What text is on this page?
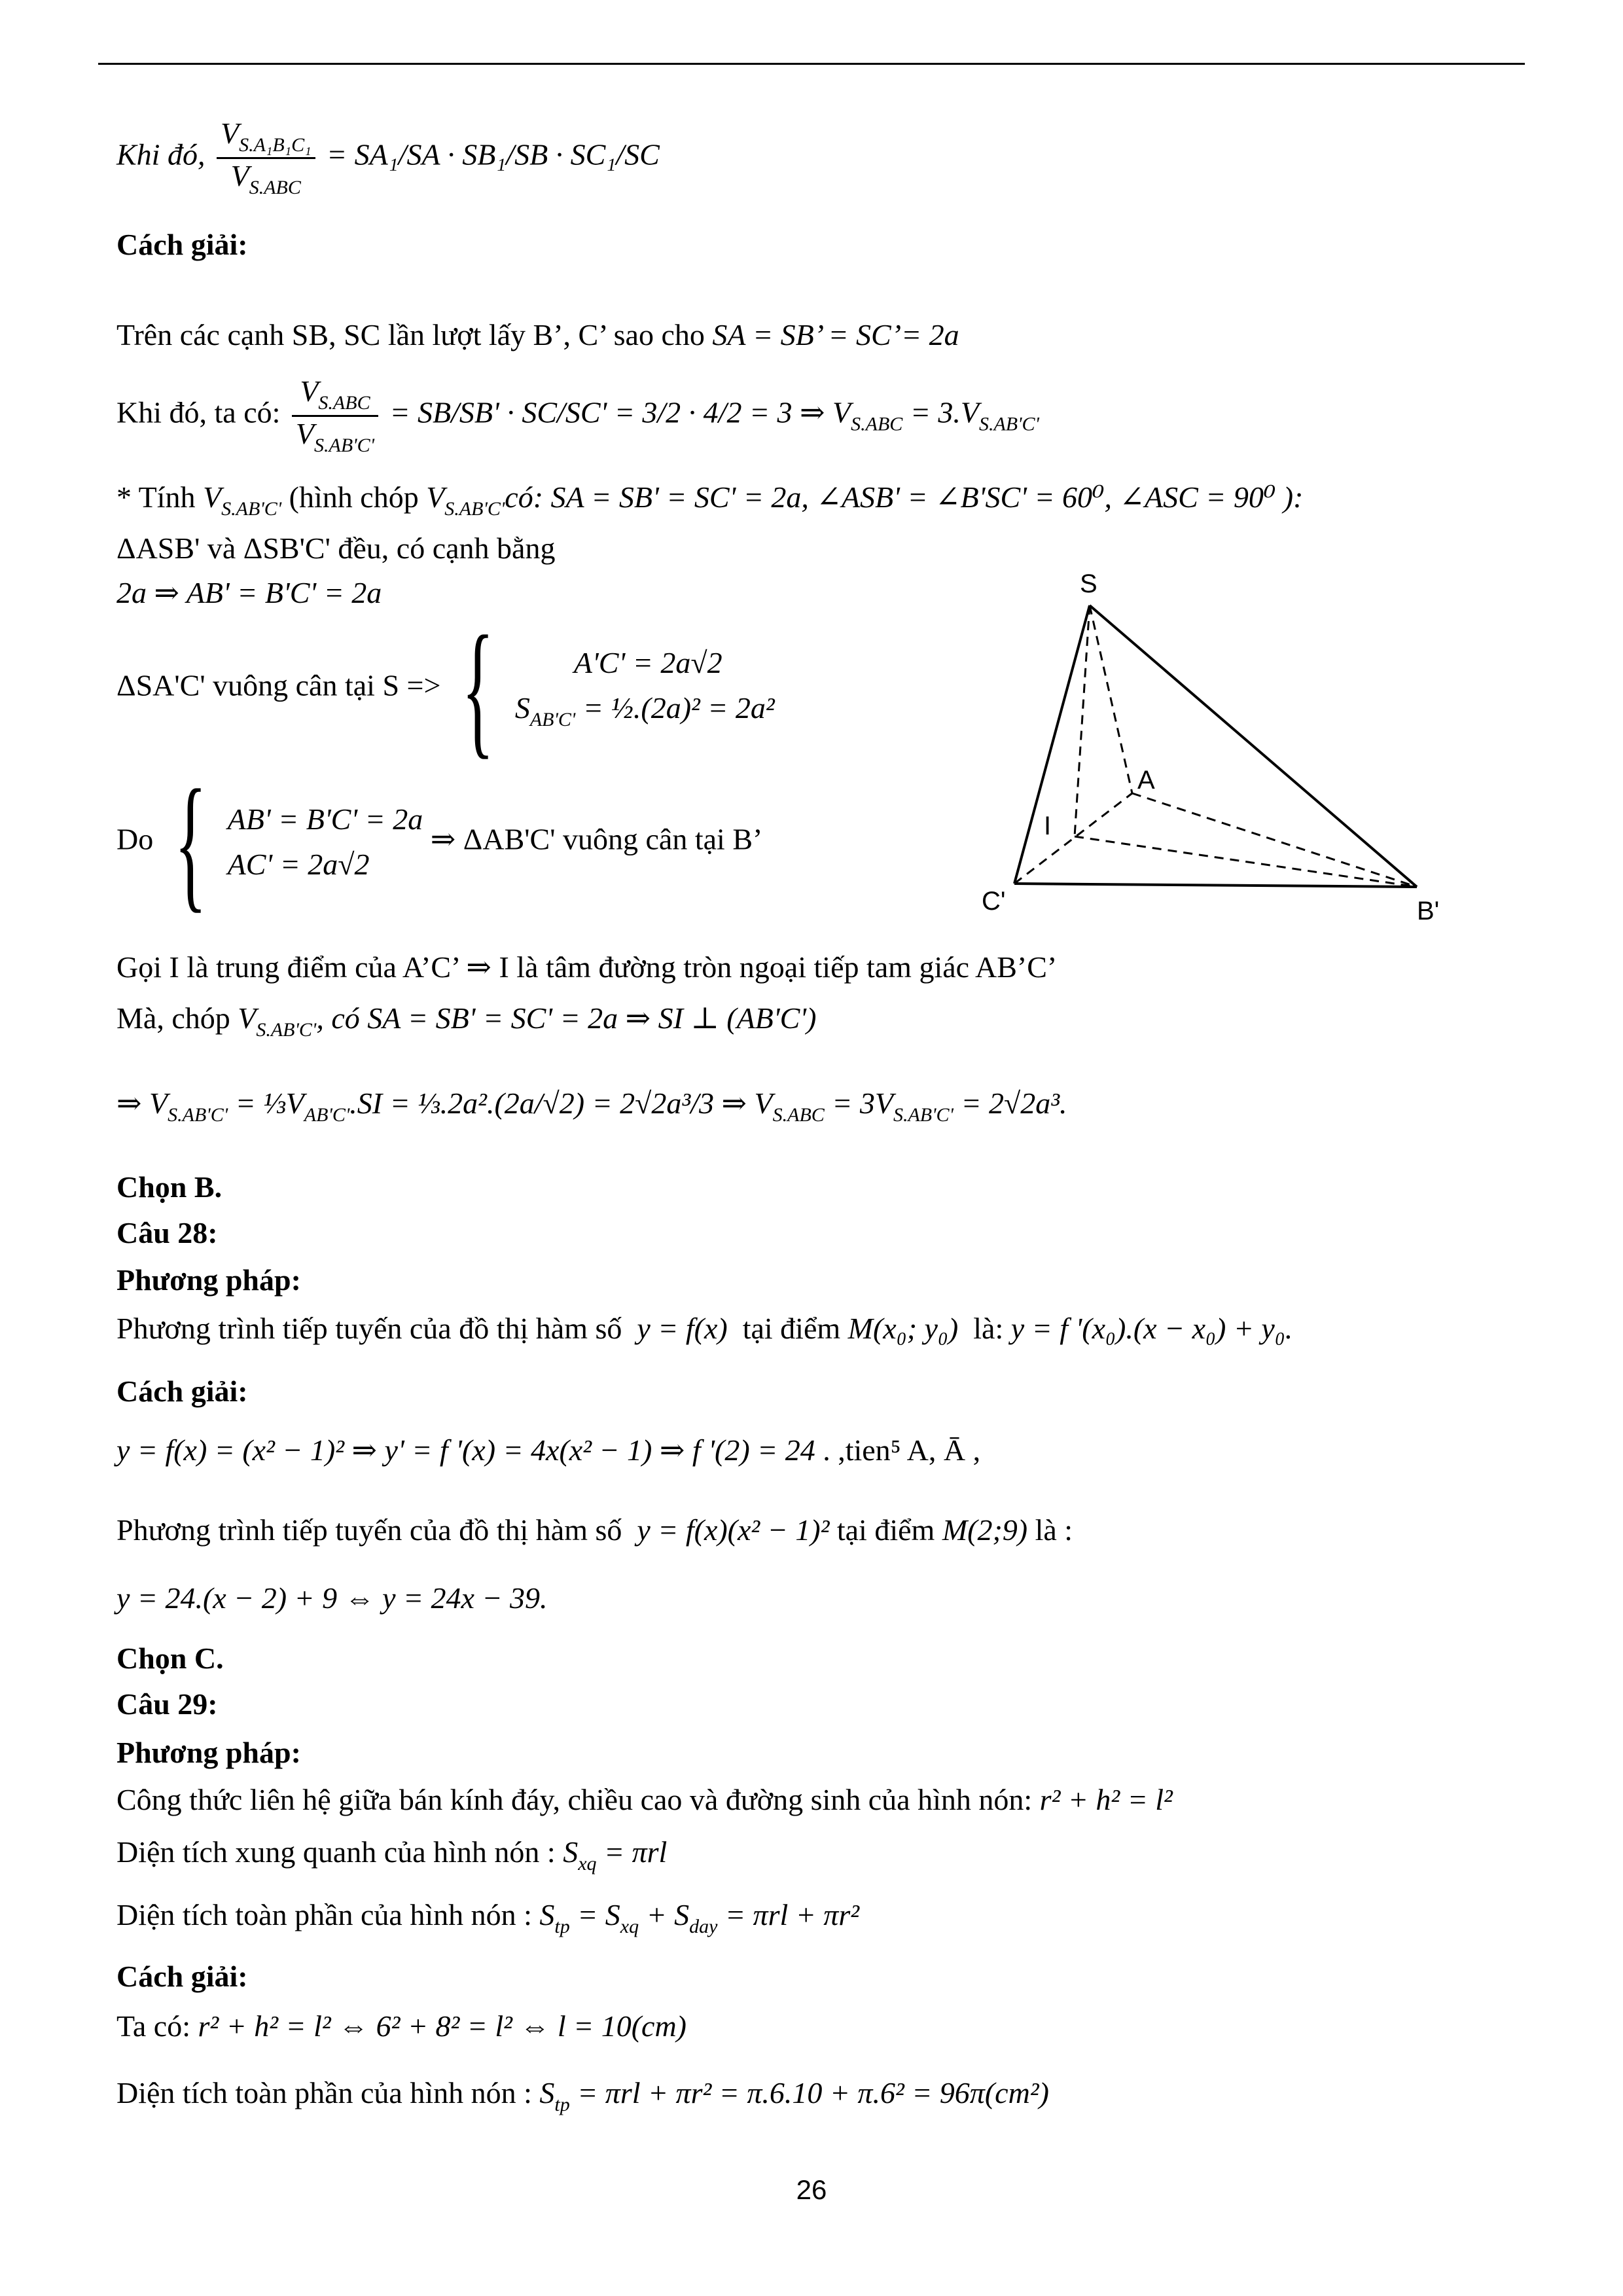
Khi đó, $\frac{V_{S.A_1B_1C_1}}{V_{S.ABC}} = SA_1/SA \cdot SB_1/SB \cdot SC_1/SC$
Cách giải:
Trên các cạnh SB, SC lần lượt lấy B’, C’ sao cho SA = SB’ = SC’= 2a
Khi đó, ta có: $\frac{V_{S.ABC}}{V_{S.AB'C'}} = SB/SB' \cdot SC/SC' = 3/2 \cdot 4/2 = 3$ ⇒ $V_{S.ABC} = 3.V_{S.AB'C'}$
* Tính $V_{S.AB'C'}$ (hình chóp $V_{S.AB'C'}có$: SA = SB' = SC' = 2a, ∠ASB' = ∠B'SC' = 60⁰, ∠ASC = 90⁰ ):
ΔASB' và ΔSB'C' đều, có cạnh bằng
2a ⇒ AB' = B'C' = 2a
ΔSA'C' vuông cân tại S => {	A'C' = 2a√2
$S_{AB'C'}$ = ½.(2a)² = 2a²
Do { AB' = B'C' = 2a
AC' = 2a√2
⇒ ΔAB'C' vuông cân tại B’
S
A
I
C'	B'
Gọi I là trung điểm của A’C’ ⇒ I là tâm đường tròn ngoại tiếp tam giác AB’C’
Mà, chóp $V_{S.AB'C'}$, có SA = SB' = SC' = 2a ⇒ SI ⊥ (AB'C')
⇒ $V_{S.AB'C'}$ = $\frac{1}{3}V_{AB'C'}.SI$ = ⅓.2a².(2a/√2) = 2√2a³/3 ⇒ $V_{S.ABC} = 3V_{S.AB'C'} = 2√2a^3$.
Chọn B.
Câu 28:
Phương pháp:
Phương trình tiếp tuyến của đồ thị hàm số y = f(x) tại điểm M(x₀; y₀) là: y = f '(x₀).(x − x₀) + y₀.
Cách giải:
y = f(x) = (x² − 1)² ⇒ y' = f '(x) = 4x(x² − 1) ⇒ f '(2) = 24 . ,tien⁵ A, Ā ,
Phương trình tiếp tuyến của đồ thị hàm số y = f(x)(x² − 1)² tại điểm M(2;9) là :
y = 24.(x − 2) + 9 ⇔ y = 24x − 39.
Chọn C.
Câu 29:
Phương pháp:
Công thức liên hệ giữa bán kính đáy, chiều cao và đường sinh của hình nón: r² + h² = l²
Diện tích xung quanh của hình nón : $S_{xq} = \pi rl$
Diện tích toàn phần của hình nón : $S_{tp} = S_{xq} + S_{day} = \pi rl + \pi r^2$
Cách giải:
Ta có: r² + h² = l² ⇔ 6² + 8² = l² ⇔ l = 10(cm)
Diện tích toàn phần của hình nón : $S_{tp} = \pi rl + \pi r^2 = \pi.6.10 + \pi.6^2 = 96\pi(cm^2)$
26
